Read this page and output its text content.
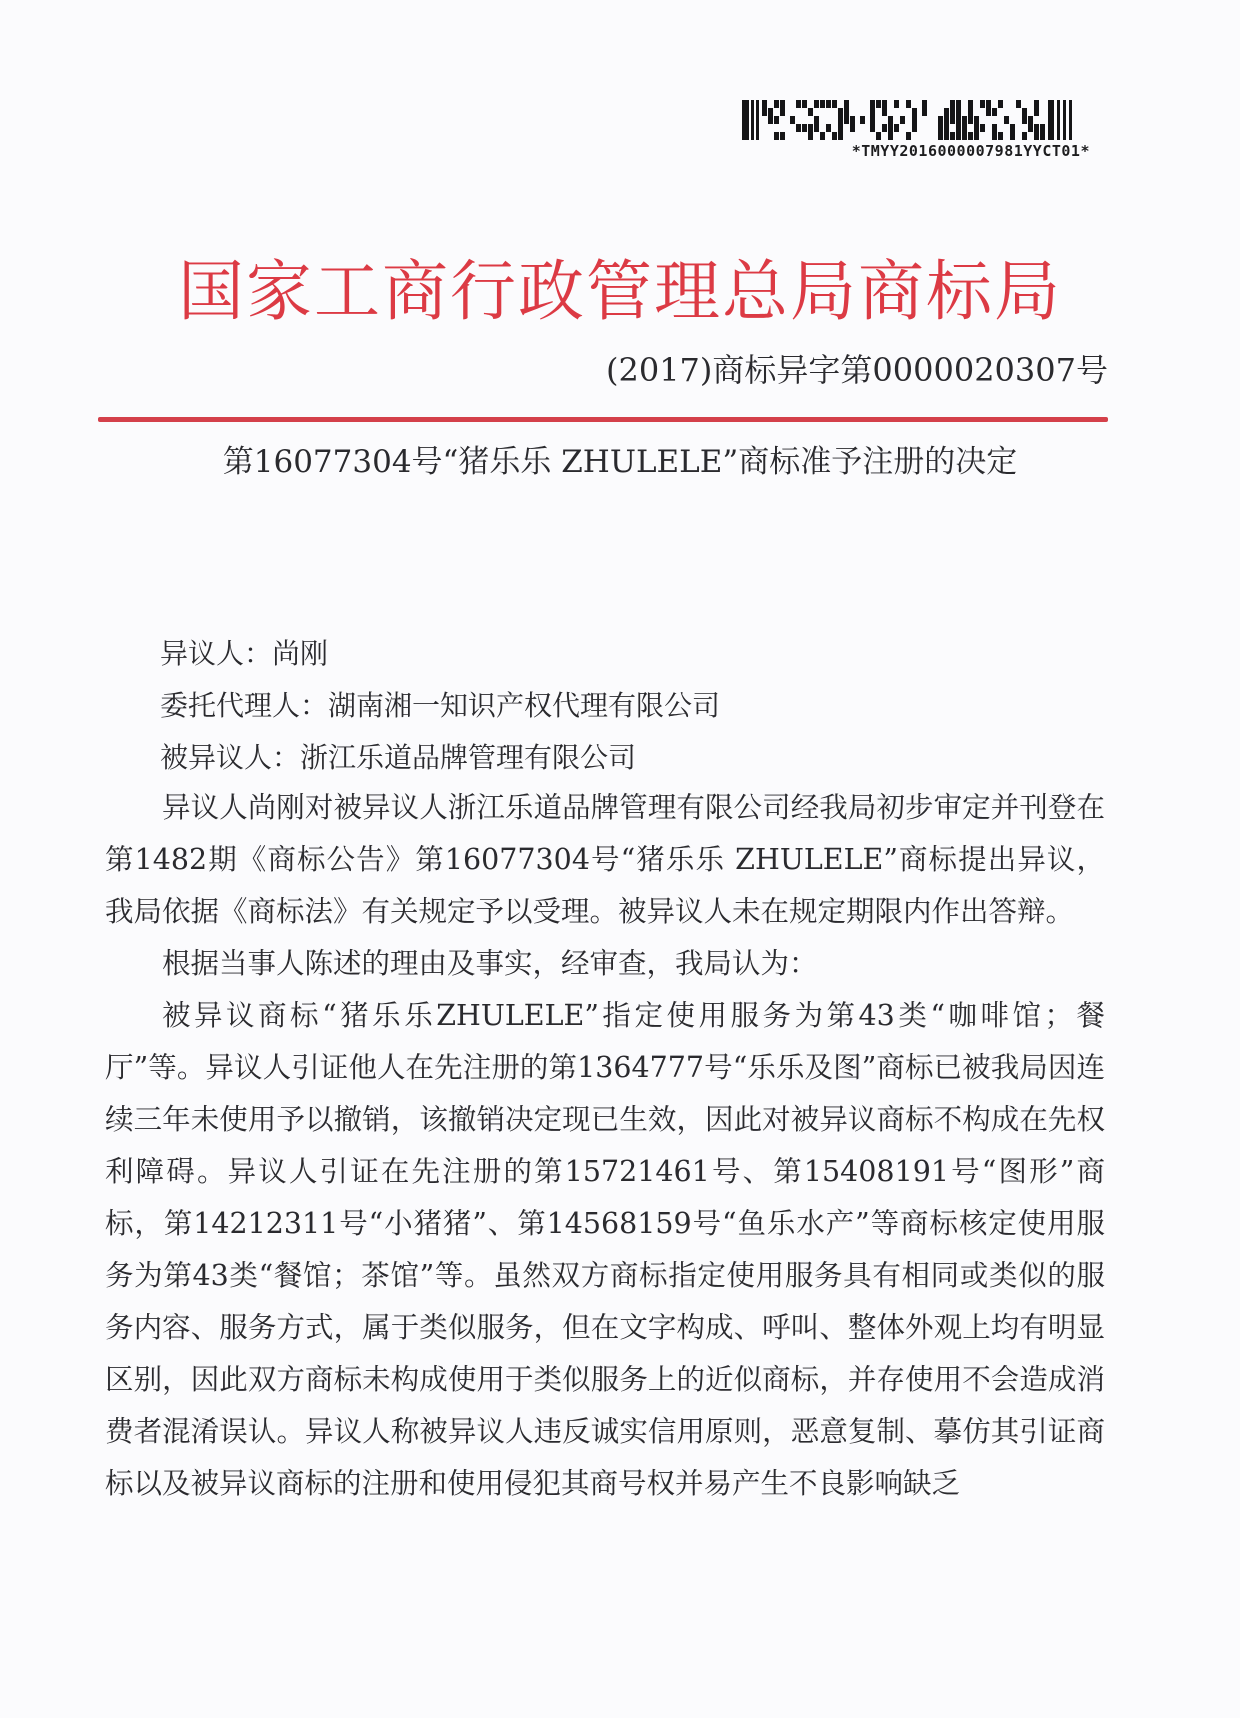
*TMYY2016000007981YYCT01*
国家工商行政管理总局商标局
(2017)商标异字第0000020307号
第16077304号“猪乐乐 ZHULELE”商标准予注册的决定
异议人：尚刚
委托代理人：湖南湘一知识产权代理有限公司
被异议人：浙江乐道品牌管理有限公司

异议人尚刚对被异议人浙江乐道品牌管理有限公司经我局初步审定并刊登在第1482期《商标公告》第16077304号“猪乐乐 ZHULELE”商标提出异议，我局依据《商标法》有关规定予以受理。被异议人未在规定期限内作出答辩。

根据当事人陈述的理由及事实，经审查，我局认为：

被异议商标“猪乐乐ZHULELE”指定使用服务为第43类“咖啡馆；餐厅”等。异议人引证他人在先注册的第1364777号“乐乐及图”商标已被我局因连续三年未使用予以撤销，该撤销决定现已生效，因此对被异议商标不构成在先权利障碍。异议人引证在先注册的第15721461号、第15408191号“图形”商标，第14212311号“小猪猪”、第14568159号“鱼乐水产”等商标核定使用服务为第43类“餐馆；茶馆”等。虽然双方商标指定使用服务具有相同或类似的服务内容、服务方式，属于类似服务，但在文字构成、呼叫、整体外观上均有明显区别，因此双方商标未构成使用于类似服务上的近似商标，并存使用不会造成消费者混淆误认。异议人称被异议人违反诚实信用原则，恶意复制、摹仿其引证商标以及被异议商标的注册和使用侵犯其商号权并易产生不良影响缺乏
